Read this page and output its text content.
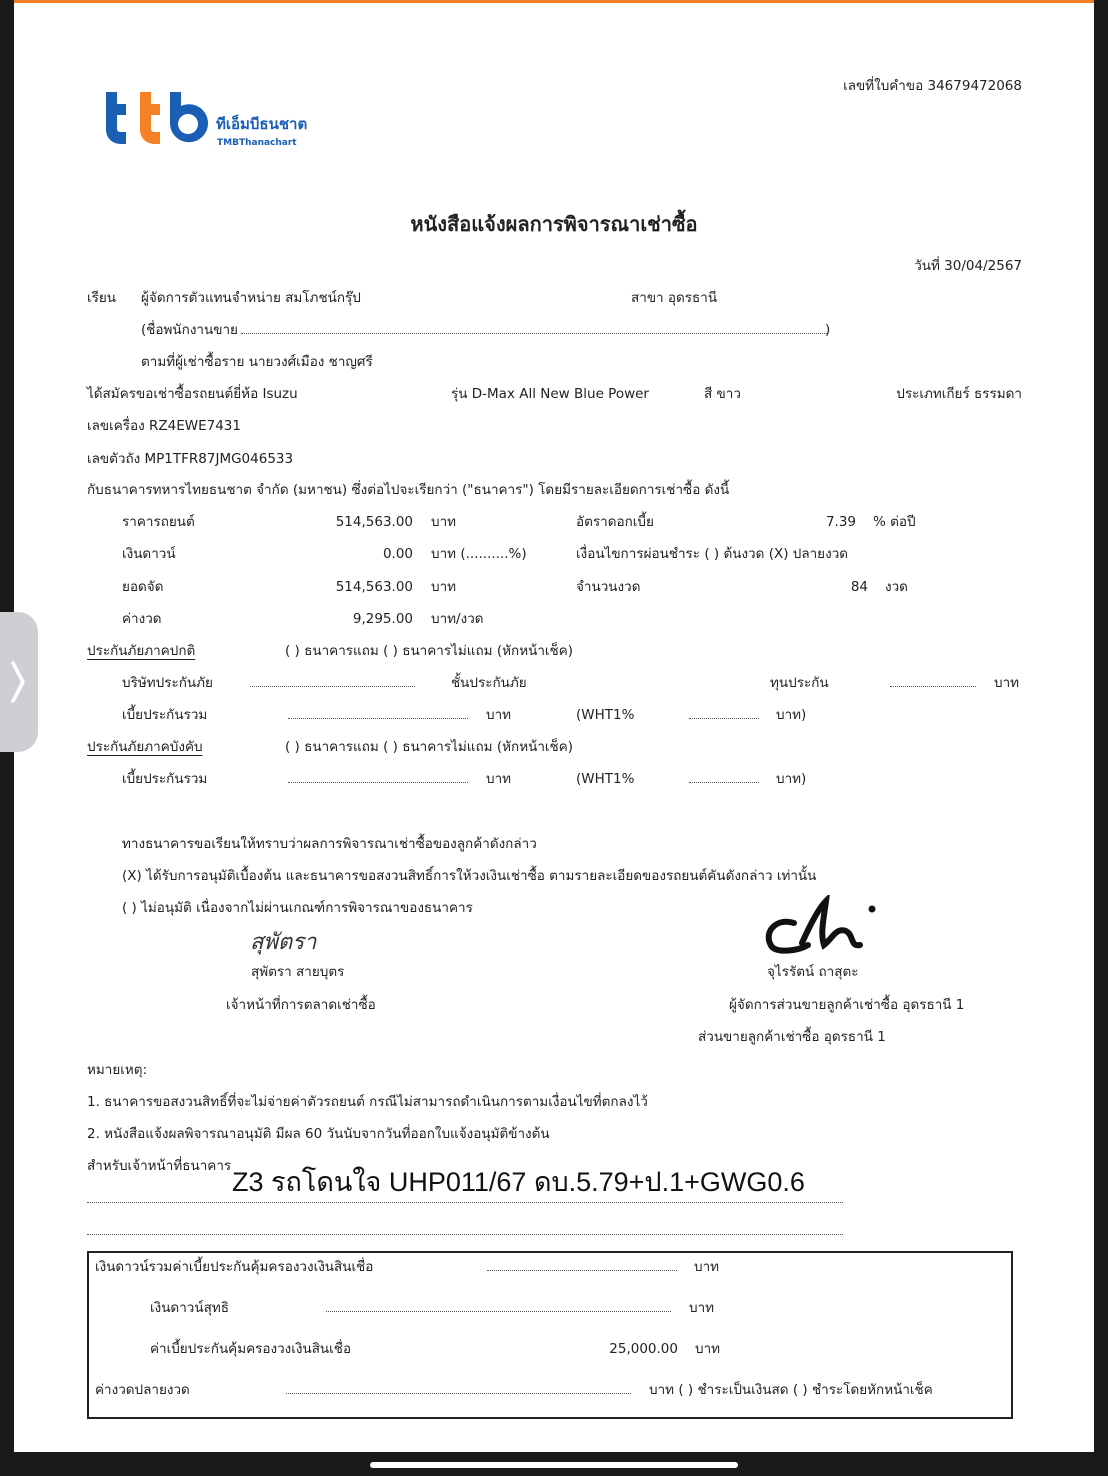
ทีเอ็มบีธนชาต
TMBThanachart
เลขที่ใบคำขอ 34679472068
หนังสือแจ้งผลการพิจารณาเช่าซื้อ
วันที่ 30/04/2567
เรียน ผู้จัดการตัวแทนจำหน่าย สมโภชน์กรุ๊ป	สาขา อุดรธานี
(ชื่อพนักงานขาย	)
ตามที่ผู้เช่าซื้อราย นายวงศ์เมือง ชาญศรี
ได้สมัครขอเช่าซื้อรถยนต์ยี่ห้อ Isuzu	รุ่น D-Max All New Blue Power	สี ขาว	ประเภทเกียร์ ธรรมดา
เลขเครื่อง RZ4EWE7431
เลขตัวถัง MP1TFR87JMG046533
กับธนาคารทหารไทยธนชาต จำกัด (มหาชน) ซึ่งต่อไปจะเรียกว่า ("ธนาคาร") โดยมีรายละเอียดการเช่าซื้อ ดังนี้
ราคารถยนต์	514,563.00 บาท	อัตราดอกเบี้ย	7.39 % ต่อปี
เงินดาวน์	0.00 บาท (..........%)	เงื่อนไขการผ่อนชำระ ( ) ต้นงวด (X) ปลายงวด
ยอดจัด	514,563.00 บาท	จำนวนงวด	84 งวด
ค่างวด	9,295.00 บาท/งวด
ประกันภัยภาคปกติ	( ) ธนาคารแถม ( ) ธนาคารไม่แถม (หักหน้าเช็ค)
บริษัทประกันภัย	ชั้นประกันภัย	ทุนประกัน	บาท
เบี้ยประกันรวม	บาท	(WHT1%	บาท)
ประกันภัยภาคบังคับ	( ) ธนาคารแถม ( ) ธนาคารไม่แถม (หักหน้าเช็ค)
เบี้ยประกันรวม	บาท	(WHT1%	บาท)
ทางธนาคารขอเรียนให้ทราบว่าผลการพิจารณาเช่าซื้อของลูกค้าดังกล่าว
(X) ได้รับการอนุมัติเบื้องต้น และธนาคารขอสงวนสิทธิ์การให้วงเงินเช่าซื้อ ตามรายละเอียดของรถยนต์คันดังกล่าว เท่านั้น
( ) ไม่อนุมัติ เนื่องจากไม่ผ่านเกณฑ์การพิจารณาของธนาคาร
สุพัตรา
สุพัตรา สายบุตร
เจ้าหน้าที่การตลาดเช่าซื้อ
จุไรรัตน์ ถาสุตะ
ผู้จัดการส่วนขายลูกค้าเช่าซื้อ อุดรธานี 1
ส่วนขายลูกค้าเช่าซื้อ อุดรธานี 1
หมายเหตุ:
1. ธนาคารขอสงวนสิทธิ์ที่จะไม่จ่ายค่าตัวรถยนต์ กรณีไม่สามารถดำเนินการตามเงื่อนไขที่ตกลงไว้
2. หนังสือแจ้งผลพิจารณาอนุมัติ มีผล 60 วันนับจากวันที่ออกใบแจ้งอนุมัติข้างต้น
สำหรับเจ้าหน้าที่ธนาคาร
Z3 รถโดนใจ UHP011/67 ดบ.5.79+ป.1+GWG0.6
เงินดาวน์รวมค่าเบี้ยประกันคุ้มครองวงเงินสินเชื่อ	บาท
เงินดาวน์สุทธิ	บาท
ค่าเบี้ยประกันคุ้มครองวงเงินสินเชื่อ	25,000.00 บาท
ค่างวดปลายงวด	บาท ( ) ชำระเป็นเงินสด ( ) ชำระโดยหักหน้าเช็ค
